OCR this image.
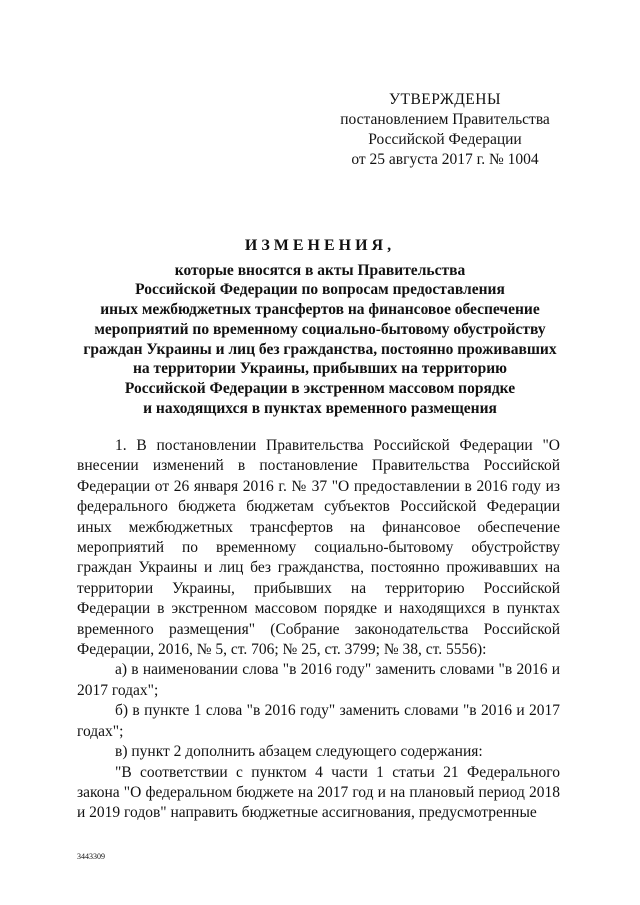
УТВЕРЖДЕНЫ
постановлением Правительства
Российской Федерации
от 25 августа 2017 г. № 1004
ИЗМЕНЕНИЯ,
которые вносятся в акты Правительства
Российской Федерации по вопросам предоставления
иных межбюджетных трансфертов на финансовое обеспечение
мероприятий по временному социально-бытовому обустройству
граждан Украины и лиц без гражданства, постоянно проживавших
на территории Украины, прибывших на территорию
Российской Федерации в экстренном массовом порядке
и находящихся в пунктах временного размещения

1. В постановлении Правительства Российской Федерации "О внесении изменений в постановление Правительства Российской Федерации от 26 января 2016 г. № 37 "О предоставлении в 2016 году из федерального бюджета бюджетам субъектов Российской Федерации иных межбюджетных трансфертов на финансовое обеспечение мероприятий по временному социально-бытовому обустройству граждан Украины и лиц без гражданства, постоянно проживавших на территории Украины, прибывших на территорию Российской Федерации в экстренном массовом порядке и находящихся в пунктах временного размещения" (Собрание законодательства Российской Федерации, 2016, № 5, ст. 706; № 25, ст. 3799; № 38, ст. 5556):

а) в наименовании слова "в 2016 году" заменить словами "в 2016 и 2017 годах";

б) в пункте 1 слова "в 2016 году" заменить словами "в 2016 и 2017 годах";

в) пункт 2 дополнить абзацем следующего содержания:

"В соответствии с пунктом 4 части 1 статьи 21 Федерального закона "О федеральном бюджете на 2017 год и на плановый период 2018 и 2019 годов" направить бюджетные ассигнования, предусмотренные

3443309
